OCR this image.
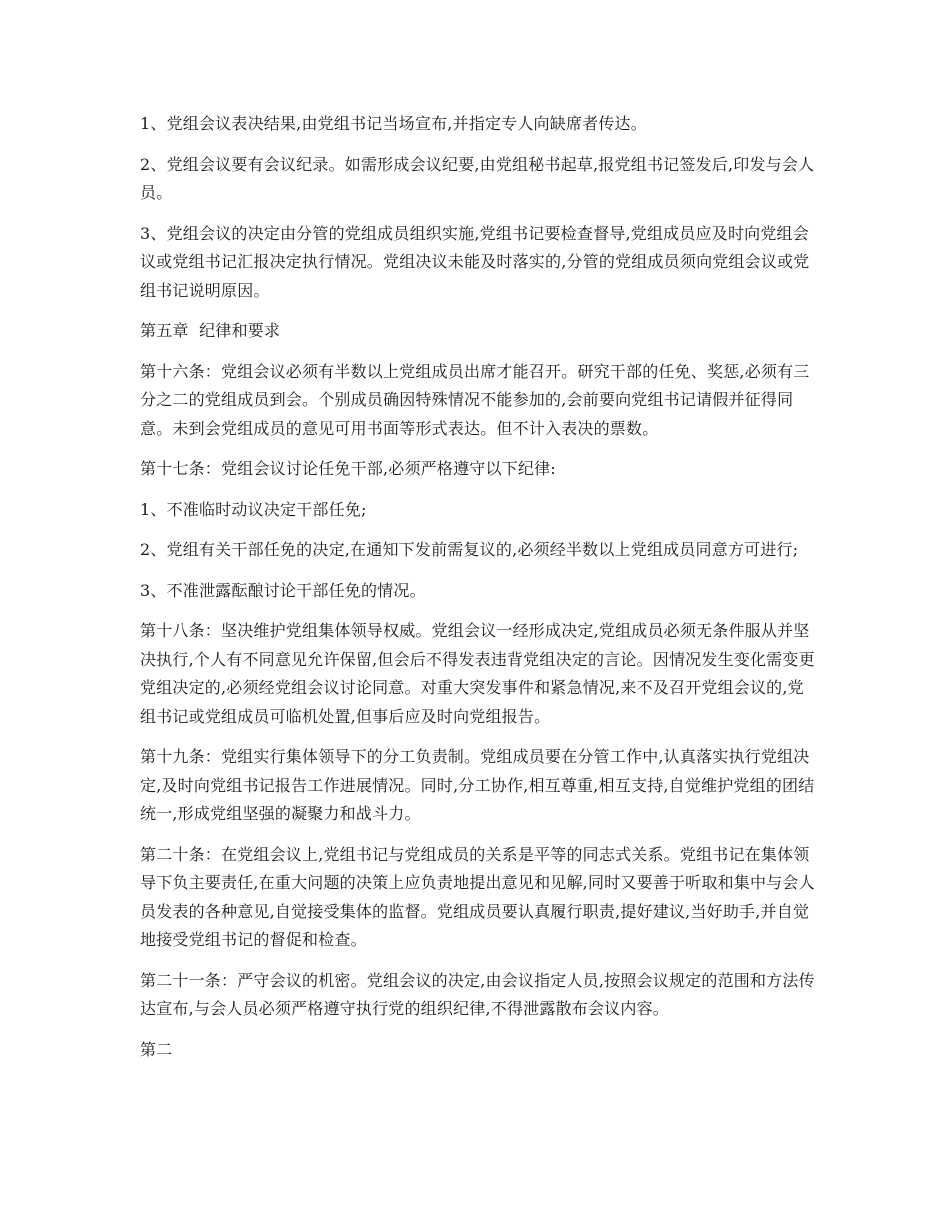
1、党组会议表决结果,由党组书记当场宣布,并指定专人向缺席者传达。

2、党组会议要有会议纪录。如需形成会议纪要,由党组秘书起草,报党组书记签发后,印发与会人员。

3、党组会议的决定由分管的党组成员组织实施,党组书记要检查督导,党组成员应及时向党组会议或党组书记汇报决定执行情况。党组决议未能及时落实的,分管的党组成员须向党组会议或党组书记说明原因。

第五章  纪律和要求

第十六条：党组会议必须有半数以上党组成员出席才能召开。研究干部的任免、奖惩,必须有三分之二的党组成员到会。个别成员确因特殊情况不能参加的,会前要向党组书记请假并征得同意。未到会党组成员的意见可用书面等形式表达。但不计入表决的票数。

第十七条：党组会议讨论任免干部,必须严格遵守以下纪律:

1、不准临时动议决定干部任免;

2、党组有关干部任免的决定,在通知下发前需复议的,必须经半数以上党组成员同意方可进行;

3、不准泄露酝酿讨论干部任免的情况。

第十八条：坚决维护党组集体领导权威。党组会议一经形成决定,党组成员必须无条件服从并坚决执行,个人有不同意见允许保留,但会后不得发表违背党组决定的言论。因情况发生变化需变更党组决定的,必须经党组会议讨论同意。对重大突发事件和紧急情况,来不及召开党组会议的,党组书记或党组成员可临机处置,但事后应及时向党组报告。

第十九条：党组实行集体领导下的分工负责制。党组成员要在分管工作中,认真落实执行党组决定,及时向党组书记报告工作进展情况。同时,分工协作,相互尊重,相互支持,自觉维护党组的团结统一,形成党组坚强的凝聚力和战斗力。

第二十条：在党组会议上,党组书记与党组成员的关系是平等的同志式关系。党组书记在集体领导下负主要责任,在重大问题的决策上应负责地提出意见和见解,同时又要善于听取和集中与会人员发表的各种意见,自觉接受集体的监督。党组成员要认真履行职责,提好建议,当好助手,并自觉地接受党组书记的督促和检查。

第二十一条：严守会议的机密。党组会议的决定,由会议指定人员,按照会议规定的范围和方法传达宣布,与会人员必须严格遵守执行党的组织纪律,不得泄露散布会议内容。

第二
